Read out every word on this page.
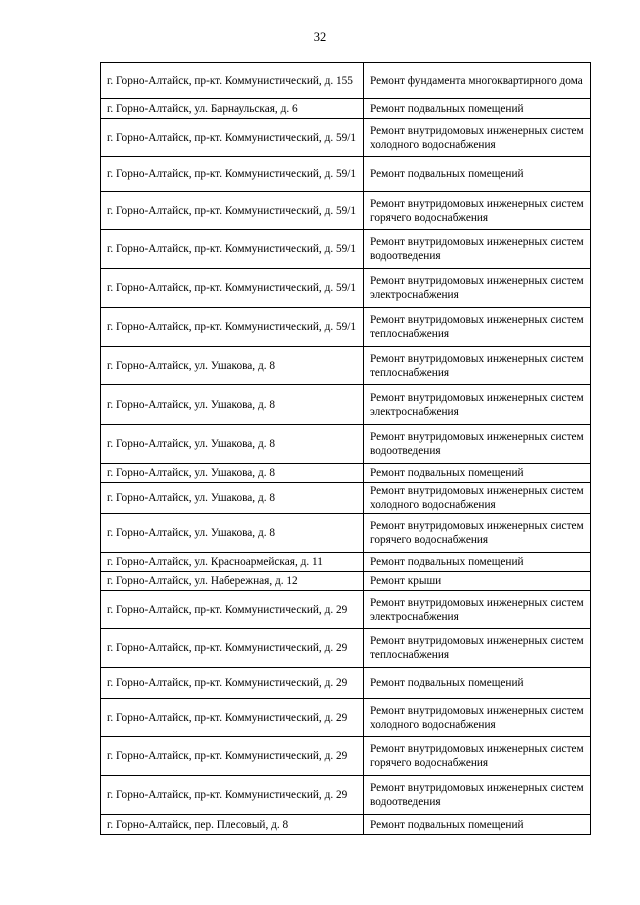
32
г. Горно-Алтайск, пр-кт. Коммунистический, д. 155	Ремонт фундамента многоквартирного дома
г. Горно-Алтайск, ул. Барнаульская, д. 6	Ремонт подвальных помещений
г. Горно-Алтайск, пр-кт. Коммунистический, д. 59/1	Ремонт внутридомовых инженерных систем холодного водоснабжения
г. Горно-Алтайск, пр-кт. Коммунистический, д. 59/1	Ремонт подвальных помещений
г. Горно-Алтайск, пр-кт. Коммунистический, д. 59/1	Ремонт внутридомовых инженерных систем горячего водоснабжения
г. Горно-Алтайск, пр-кт. Коммунистический, д. 59/1	Ремонт внутридомовых инженерных систем водоотведения
г. Горно-Алтайск, пр-кт. Коммунистический, д. 59/1	Ремонт внутридомовых инженерных систем электроснабжения
г. Горно-Алтайск, пр-кт. Коммунистический, д. 59/1	Ремонт внутридомовых инженерных систем теплоснабжения
г. Горно-Алтайск, ул. Ушакова, д. 8	Ремонт внутридомовых инженерных систем теплоснабжения
г. Горно-Алтайск, ул. Ушакова, д. 8	Ремонт внутридомовых инженерных систем электроснабжения
г. Горно-Алтайск, ул. Ушакова, д. 8	Ремонт внутридомовых инженерных систем водоотведения
г. Горно-Алтайск, ул. Ушакова, д. 8	Ремонт подвальных помещений
г. Горно-Алтайск, ул. Ушакова, д. 8	Ремонт внутридомовых инженерных систем холодного водоснабжения
г. Горно-Алтайск, ул. Ушакова, д. 8	Ремонт внутридомовых инженерных систем горячего водоснабжения
г. Горно-Алтайск, ул. Красноармейская, д. 11	Ремонт подвальных помещений
г. Горно-Алтайск, ул. Набережная, д. 12	Ремонт крыши
г. Горно-Алтайск, пр-кт. Коммунистический, д. 29	Ремонт внутридомовых инженерных систем электроснабжения
г. Горно-Алтайск, пр-кт. Коммунистический, д. 29	Ремонт внутридомовых инженерных систем теплоснабжения
г. Горно-Алтайск, пр-кт. Коммунистический, д. 29	Ремонт подвальных помещений
г. Горно-Алтайск, пр-кт. Коммунистический, д. 29	Ремонт внутридомовых инженерных систем холодного водоснабжения
г. Горно-Алтайск, пр-кт. Коммунистический, д. 29	Ремонт внутридомовых инженерных систем горячего водоснабжения
г. Горно-Алтайск, пр-кт. Коммунистический, д. 29	Ремонт внутридомовых инженерных систем водоотведения
г. Горно-Алтайск, пер. Плесовый, д. 8	Ремонт подвальных помещений
